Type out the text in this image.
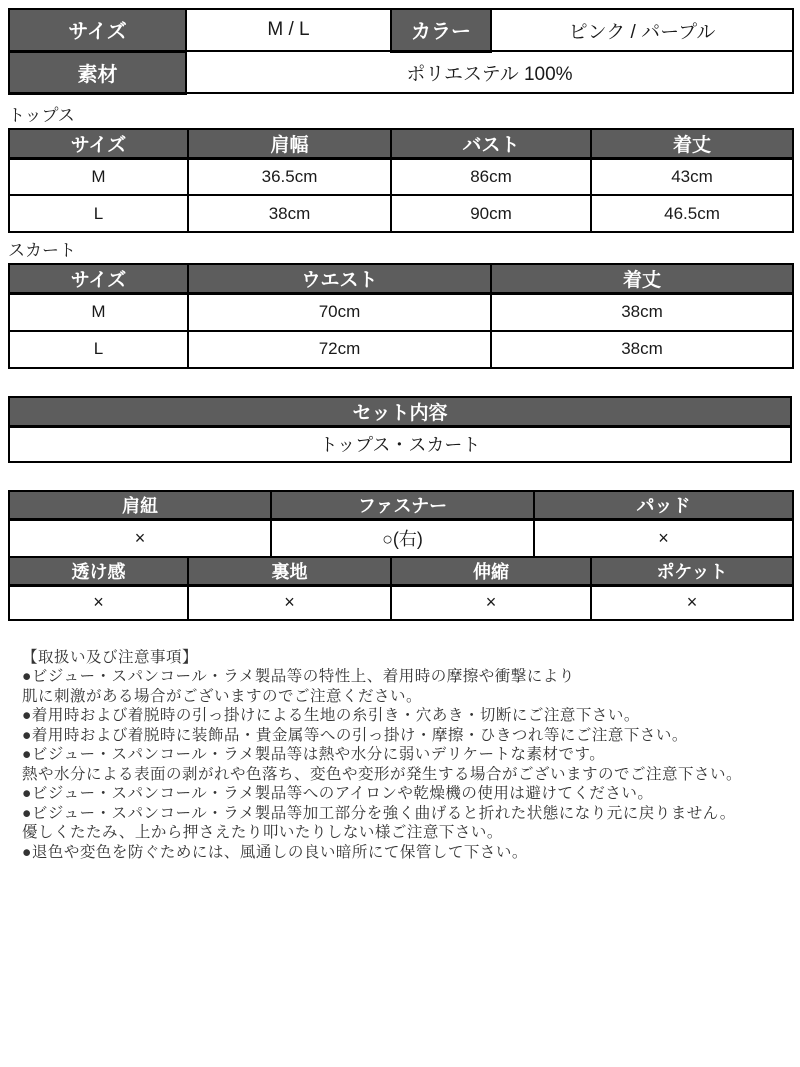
サイズ	M / L	カラー	ピンク / パープル
素材	ポリエステル 100%		
トップス
サイズ	肩幅	バスト	着丈
M	36.5cm	86cm	43cm
L	38cm	90cm	46.5cm
スカート
サイズ	ウエスト	着丈
M	70cm	38cm
L	72cm	38cm
セット内容
トップス・スカート
肩紐	ファスナー	パッド
×	○(右)	×
透け感	裏地	伸縮	ポケット
×	×	×	×
【取扱い及び注意事項】
●ビジュー・スパンコール・ラメ製品等の特性上、着用時の摩擦や衝撃により
肌に刺激がある場合がございますのでご注意ください。
●着用時および着脱時の引っ掛けによる生地の糸引き・穴あき・切断にご注意下さい。
●着用時および着脱時に装飾品・貴金属等への引っ掛け・摩擦・ひきつれ等にご注意下さい。
●ビジュー・スパンコール・ラメ製品等は熱や水分に弱いデリケートな素材です。
熱や水分による表面の剥がれや色落ち、変色や変形が発生する場合がございますのでご注意下さい。
●ビジュー・スパンコール・ラメ製品等へのアイロンや乾燥機の使用は避けてください。
●ビジュー・スパンコール・ラメ製品等加工部分を強く曲げると折れた状態になり元に戻りません。
優しくたたみ、上から押さえたり叩いたりしない様ご注意下さい。
●退色や変色を防ぐためには、風通しの良い暗所にて保管して下さい。
